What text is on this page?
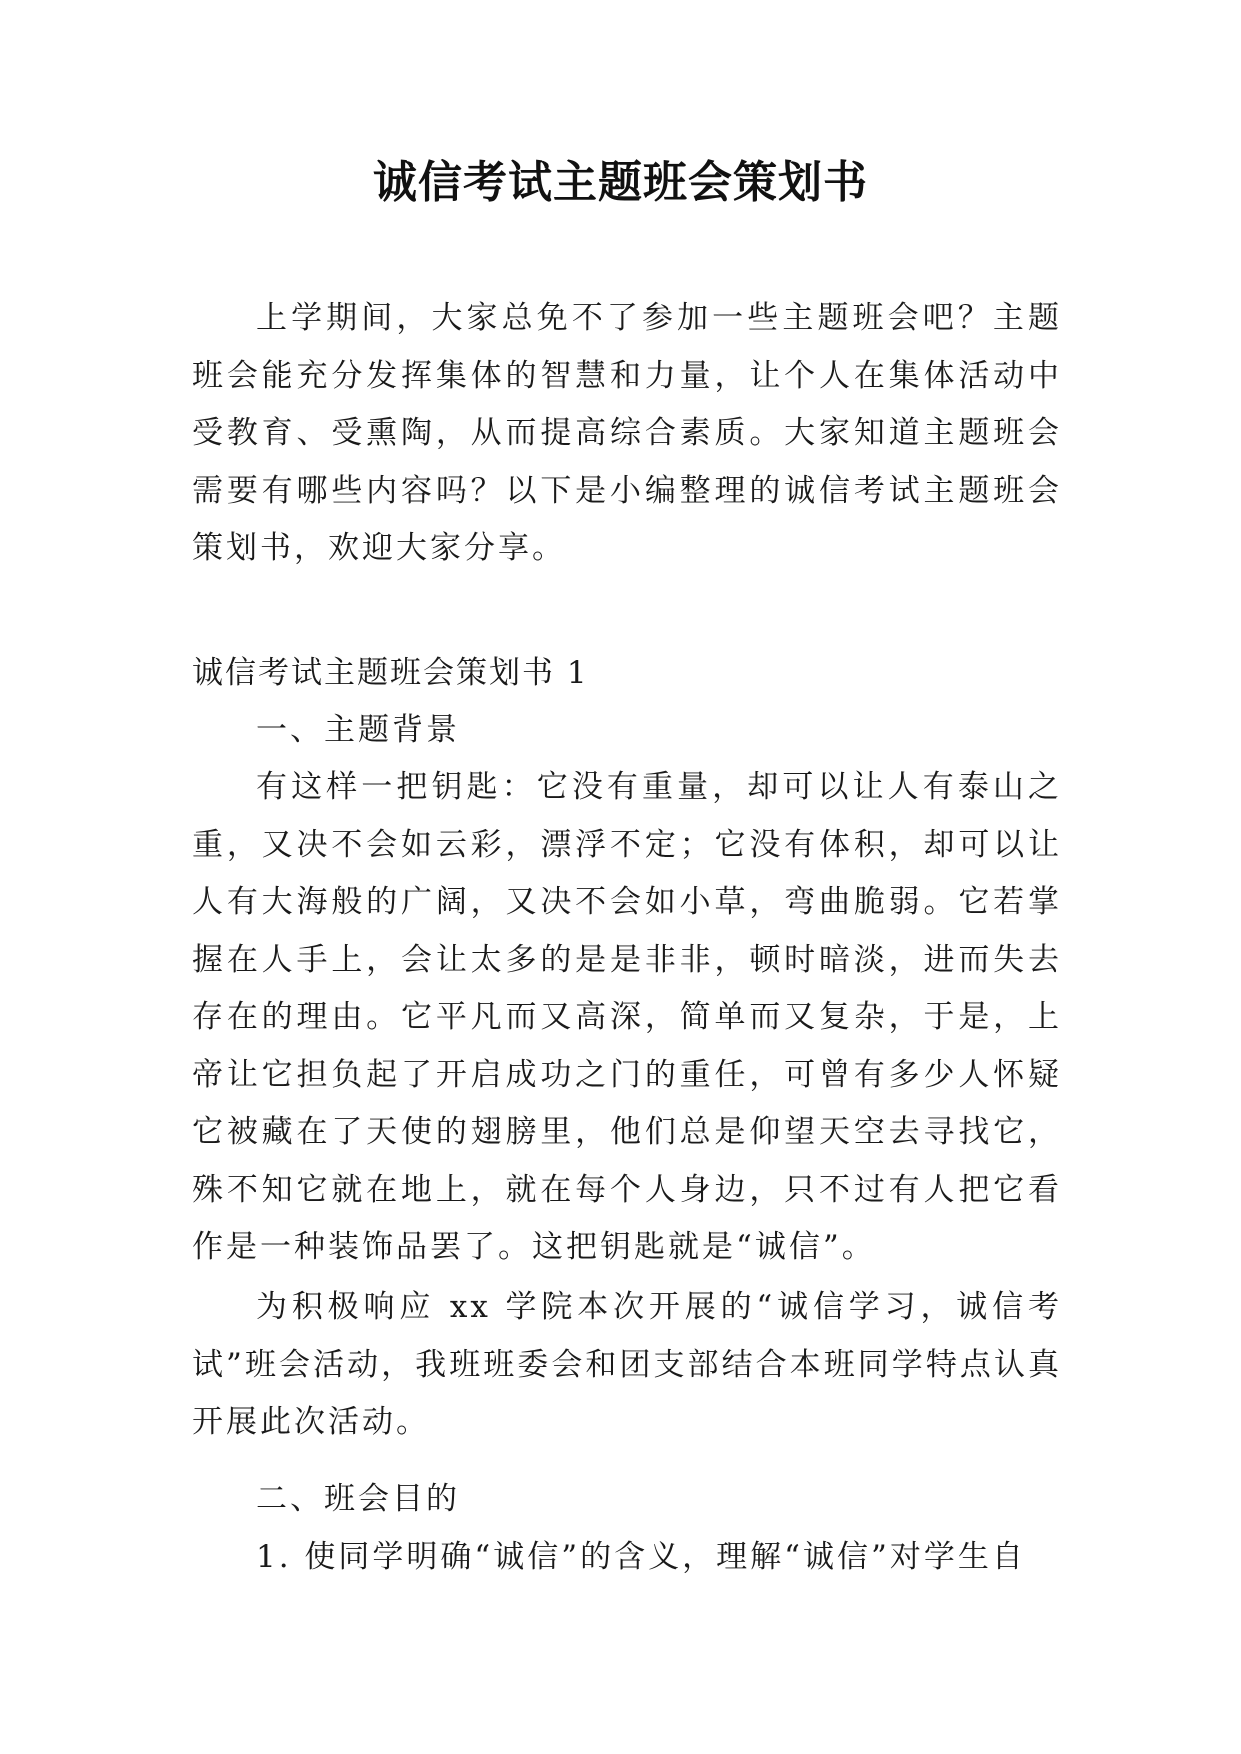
诚信考试主题班会策划书

上学期间，大家总免不了参加一些主题班会吧？主题班会能充分发挥集体的智慧和力量，让个人在集体活动中受教育、受熏陶，从而提高综合素质。大家知道主题班会需要有哪些内容吗？以下是小编整理的诚信考试主题班会策划书，欢迎大家分享。

诚信考试主题班会策划书 1

一、主题背景

有这样一把钥匙：它没有重量，却可以让人有泰山之重，又决不会如云彩，漂浮不定；它没有体积，却可以让人有大海般的广阔，又决不会如小草，弯曲脆弱。它若掌握在人手上，会让太多的是是非非，顿时暗淡，进而失去存在的理由。它平凡而又高深，简单而又复杂，于是，上帝让它担负起了开启成功之门的重任，可曾有多少人怀疑它被藏在了天使的翅膀里，他们总是仰望天空去寻找它，殊不知它就在地上，就在每个人身边，只不过有人把它看作是一种装饰品罢了。这把钥匙就是“诚信”。

为积极响应 xx 学院本次开展的“诚信学习，诚信考试”班会活动，我班班委会和团支部结合本班同学特点认真开展此次活动。

二、班会目的

1. 使同学明确“诚信”的含义，理解“诚信”对学生自
